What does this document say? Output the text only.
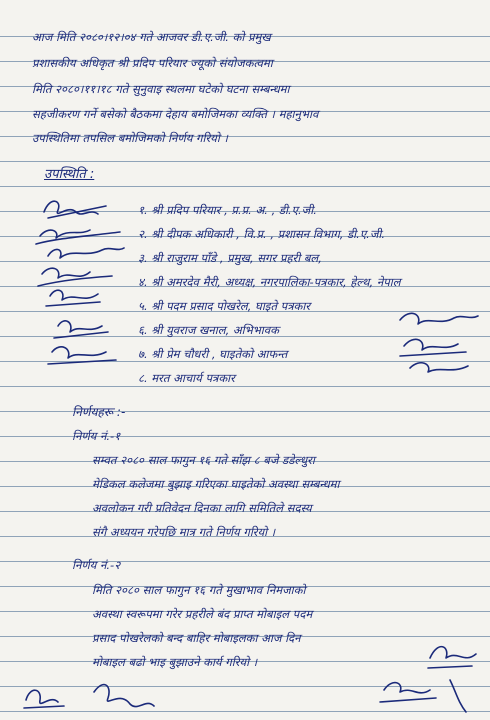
आज मिति २०८०।१२।०४ गते आजवर डी.ए.जी. को प्रमुख
प्रशासकीय अधिकृत श्री प्रदिप परियार ज्यूको संयोजकत्वमा
मिति २०८०।११।१८ गते सुनुवाइ स्थलमा घटेको घटना सम्बन्धमा
सहजीकरण गर्ने बसेको बैठकमा देहाय बमोजिमका व्यक्ति । महानुभाव
उपस्थितिमा तपसिल बमोजिमको निर्णय गरियो ।
उपस्थिति :
१. श्री प्रदिप परियार , प्र.प्र. अ. , डी.ए.जी.
२. श्री दीपक अधिकारी , वि.प्र. , प्रशासन विभाग, डी.ए.जी.
३. श्री राजुराम पाँडे , प्रमुख, सगर प्रहरी बल,
४. श्री अमरदेव मैरी, अध्यक्ष, नगरपालिका-पत्रकार, हेल्थ, नेपाल
५. श्री पदम प्रसाद पोखरेल, घाइते पत्रकार
६. श्री युवराज खनाल, अभिभावक
७. श्री प्रेम चौधरी , घाइतेको आफन्त
८. मरत आचार्य पत्रकार
निर्णयहरू :-
निर्णय नं.-१
सम्वत २०८० साल फागुन १६ गते साँझ ८ बजे डडेल्धुरा
मेडिकल कलेजमा बुझाइ गरिएका घाइतेको अवस्था सम्बन्धमा
अवलोकन गरी प्रतिवेदन दिनका लागि समितिले सदस्य
संगै अध्ययन गरेपछि मात्र गते निर्णय गरियो ।
निर्णय नं.-२
मिति २०८० साल फागुन १६ गते मुखाभाव निमजाको
अवस्था स्वरूपमा गरेर प्रहरीले बंद प्राप्त मोबाइल पदम
प्रसाद पोखरेलको बन्द बाहिर मोबाइलका आज दिन
मोबाइल बढो भाइ बुझाउने कार्य गरियो ।
